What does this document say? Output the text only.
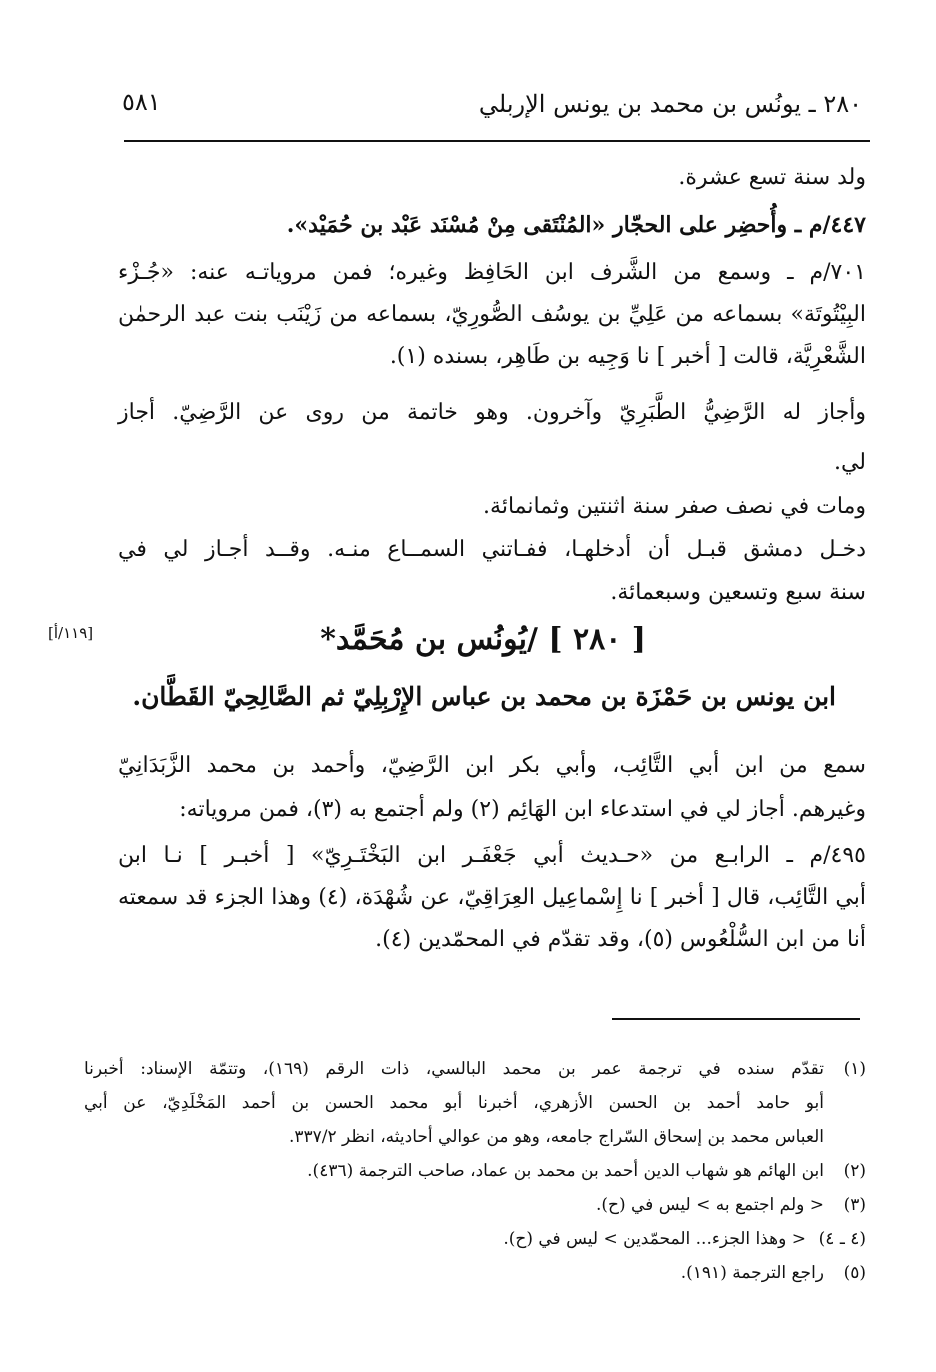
٢٨٠ ـ يونُس بن محمد بن يونس الإربلي
٥٨١
ولد سنة تسع عشرة.
٤٤٧/م ـ وأُحضِر على الحجّار «المُنْتَقى مِنْ مُسْنَد عَبْد بن حُمَيْد».
٧٠١/م ـ وسمع من الشَّرف ابن الحَافِظ وغيره؛ فمن مروياتـه عنه: «جُـزْء
البِيْتُوتَة» بسماعه من عَلِيِّ بن يوسُف الصُّورِيّ، بسماعه من زَيْنَب بنت عبد الرحمٰن
الشَّعْرِيَّة، قالت [ أخبر ] نا وَجِيه بن طَاهِر، بسنده (١).
وأجاز له الرَّضِيُّ الطَّبَرِيّ وآخرون. وهو خاتمة من روى عن الرَّضِيّ. أجاز
لي.
ومات في نصف صفر سنة اثنتين وثمانمائة.
دخـل دمشق قبـل أن أدخلهـا، ففـاتني السمــاع منـه. وقــد أجـاز لي في
سنة سبع وتسعين وسبعمائة.
[١١٩/أ]	[ ٢٨٠ ] /يُونُس بن مُحَمَّد*
ابن يونس بن حَمْزَة بن محمد بن عباس الإِرْبِلِيّ ثم الصَّالِحِيّ القَطَّان.
سمع من ابن أبي التَّائِب، وأبي بكر ابن الرَّضِيّ، وأحمد بن محمد الزَّبَدَانِيّ
وغيرهم. أجاز لي في استدعاء ابن الهَائِم (٢) ولم أجتمع به (٣)، فمن مروياته:
٤٩٥/م ـ الرابـع من «حـديث أبي جَعْفَـر ابن البَخْتَـرِيّ» [ أخبـر ] نـا ابن
أبي التَّائِب، قال [ أخبر ] نا إِسْماعِيل العِرَاقِيّ، عن شُهْدَة، (٤) وهذا الجزء قد سمعته
أنا من ابن السُّلْعُوس (٥)، وقد تقدّم في المحمّدين (٤).
(١)
تقدّم سنده في ترجمة عمر بن محمد البالسي، ذات الرقم (١٦٩)، وتتمّة الإسناد: أخبرنا
أبو حامد أحمد بن الحسن الأزهري، أخبرنا أبو محمد الحسن بن أحمد المَخْلَدِيّ، عن أبي
العباس محمد بن إسحاق السّراج جامعه، وهو من عوالي أحاديثه، انظر ٣٣٧/٢.
(٢)
ابن الهائم هو شهاب الدين أحمد بن محمد بن عماد، صاحب الترجمة (٤٣٦).
(٣)
< ولم اجتمع به > ليس في (ح).
(٤ ـ ٤)
< وهذا الجزء... المحمّدين > ليس في (ح).
(٥)
راجع الترجمة (١٩١).
